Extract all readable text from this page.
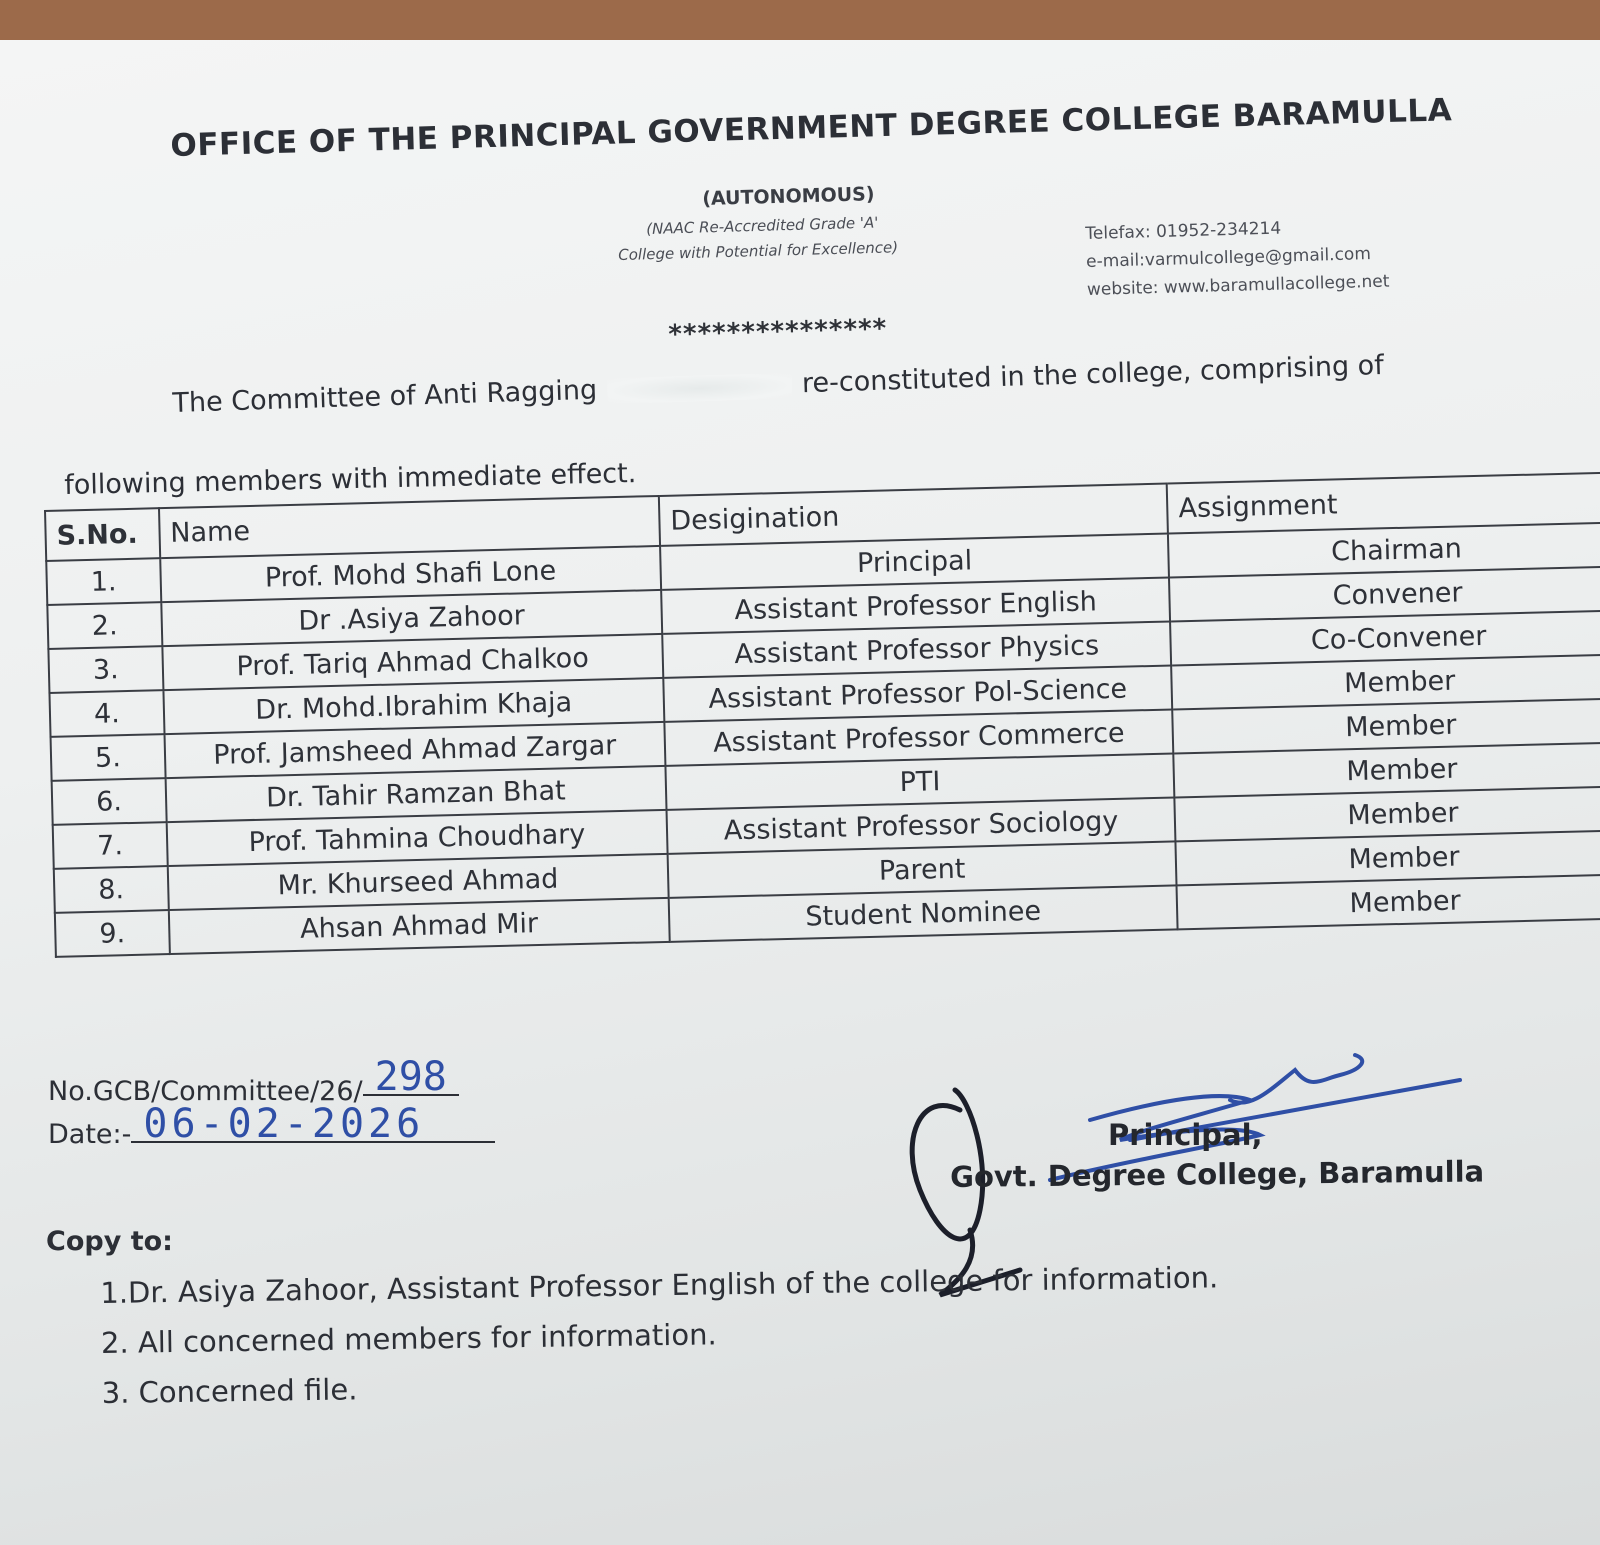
OFFICE OF THE PRINCIPAL GOVERNMENT DEGREE COLLEGE BARAMULLA
(AUTONOMOUS)
(NAAC Re-Accredited Grade 'A'
College with Potential for Excellence)
Telefax: 01952-234214
e-mail:varmulcollege@gmail.com
website: www.baramullacollege.net
***************
The Committee of Anti Ragging	re-constituted in the college, comprising of
following members with immediate effect.
S.No.	Name	Desigination	Assignment
1.	Prof. Mohd Shafi Lone	Principal	Chairman
2.	Dr .Asiya Zahoor	Assistant Professor English	Convener
3.	Prof. Tariq Ahmad Chalkoo	Assistant Professor Physics	Co-Convener
4.	Dr. Mohd.Ibrahim Khaja	Assistant Professor Pol-Science	Member
5.	Prof. Jamsheed Ahmad Zargar	Assistant Professor Commerce	Member
6.	Dr. Tahir Ramzan Bhat	PTI	Member
7.	Prof. Tahmina Choudhary	Assistant Professor Sociology	Member
8.	Mr. Khurseed Ahmad	Parent	Member
9.	Ahsan Ahmad Mir	Student Nominee	Member
No.GCB/Committee/26/ 298
Date:- 06-02-2026	Principal,
Govt. Degree College, Baramulla
Copy to:
1.Dr. Asiya Zahoor, Assistant Professor English of the college for information.
2. All concerned members for information.
3. Concerned file.
